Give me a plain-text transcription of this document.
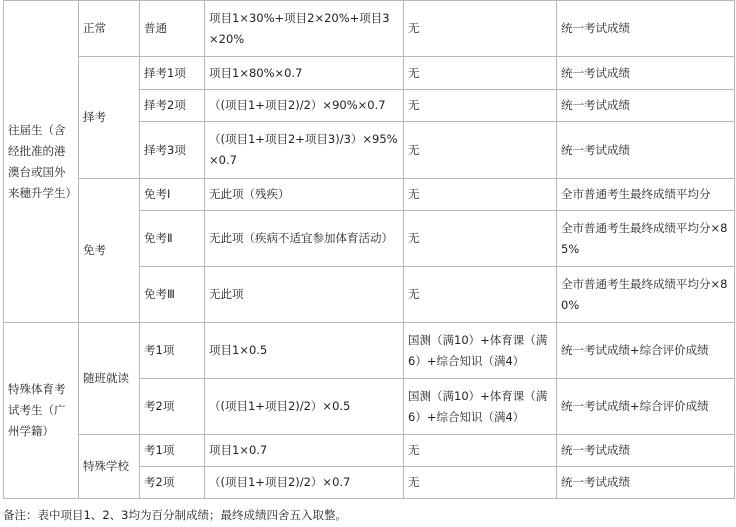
往届生（含经批准的港澳台或国外来穗升学生）	正常	普通	项目1×30%+项目2×20%+项目3×20%	无	统一考试成绩
	择考	择考1项	项目1×80%×0.7	无	统一考试成绩
		择考2项	（(项目1+项目2)/2）×90%×0.7	无	统一考试成绩
		择考3项	（(项目1+项目2+项目3)/3）×95%×0.7	无	统一考试成绩
	免考	免考Ⅰ	无此项（残疾）	无	全市普通考生最终成绩平均分
		免考Ⅱ	无此项（疾病不适宜参加体育活动）	无	全市普通考生最终成绩平均分×85%
		免考Ⅲ	无此项	无	全市普通考生最终成绩平均分×80%

特殊体育考试考生（广州学籍）	随班就读	考1项	项目1×0.5	国测（满10）+体育课（满6）+综合知识（满4）	统一考试成绩+综合评价成绩
		考2项	（(项目1+项目2)/2）×0.5	国测（满10）+体育课（满6）+综合知识（满4）	统一考试成绩+综合评价成绩
	特殊学校	考1项	项目1×0.7	无	统一考试成绩
		考2项	（(项目1+项目2)/2）×0.7	无	统一考试成绩
备注：表中项目1、2、3均为百分制成绩；最终成绩四舍五入取整。
